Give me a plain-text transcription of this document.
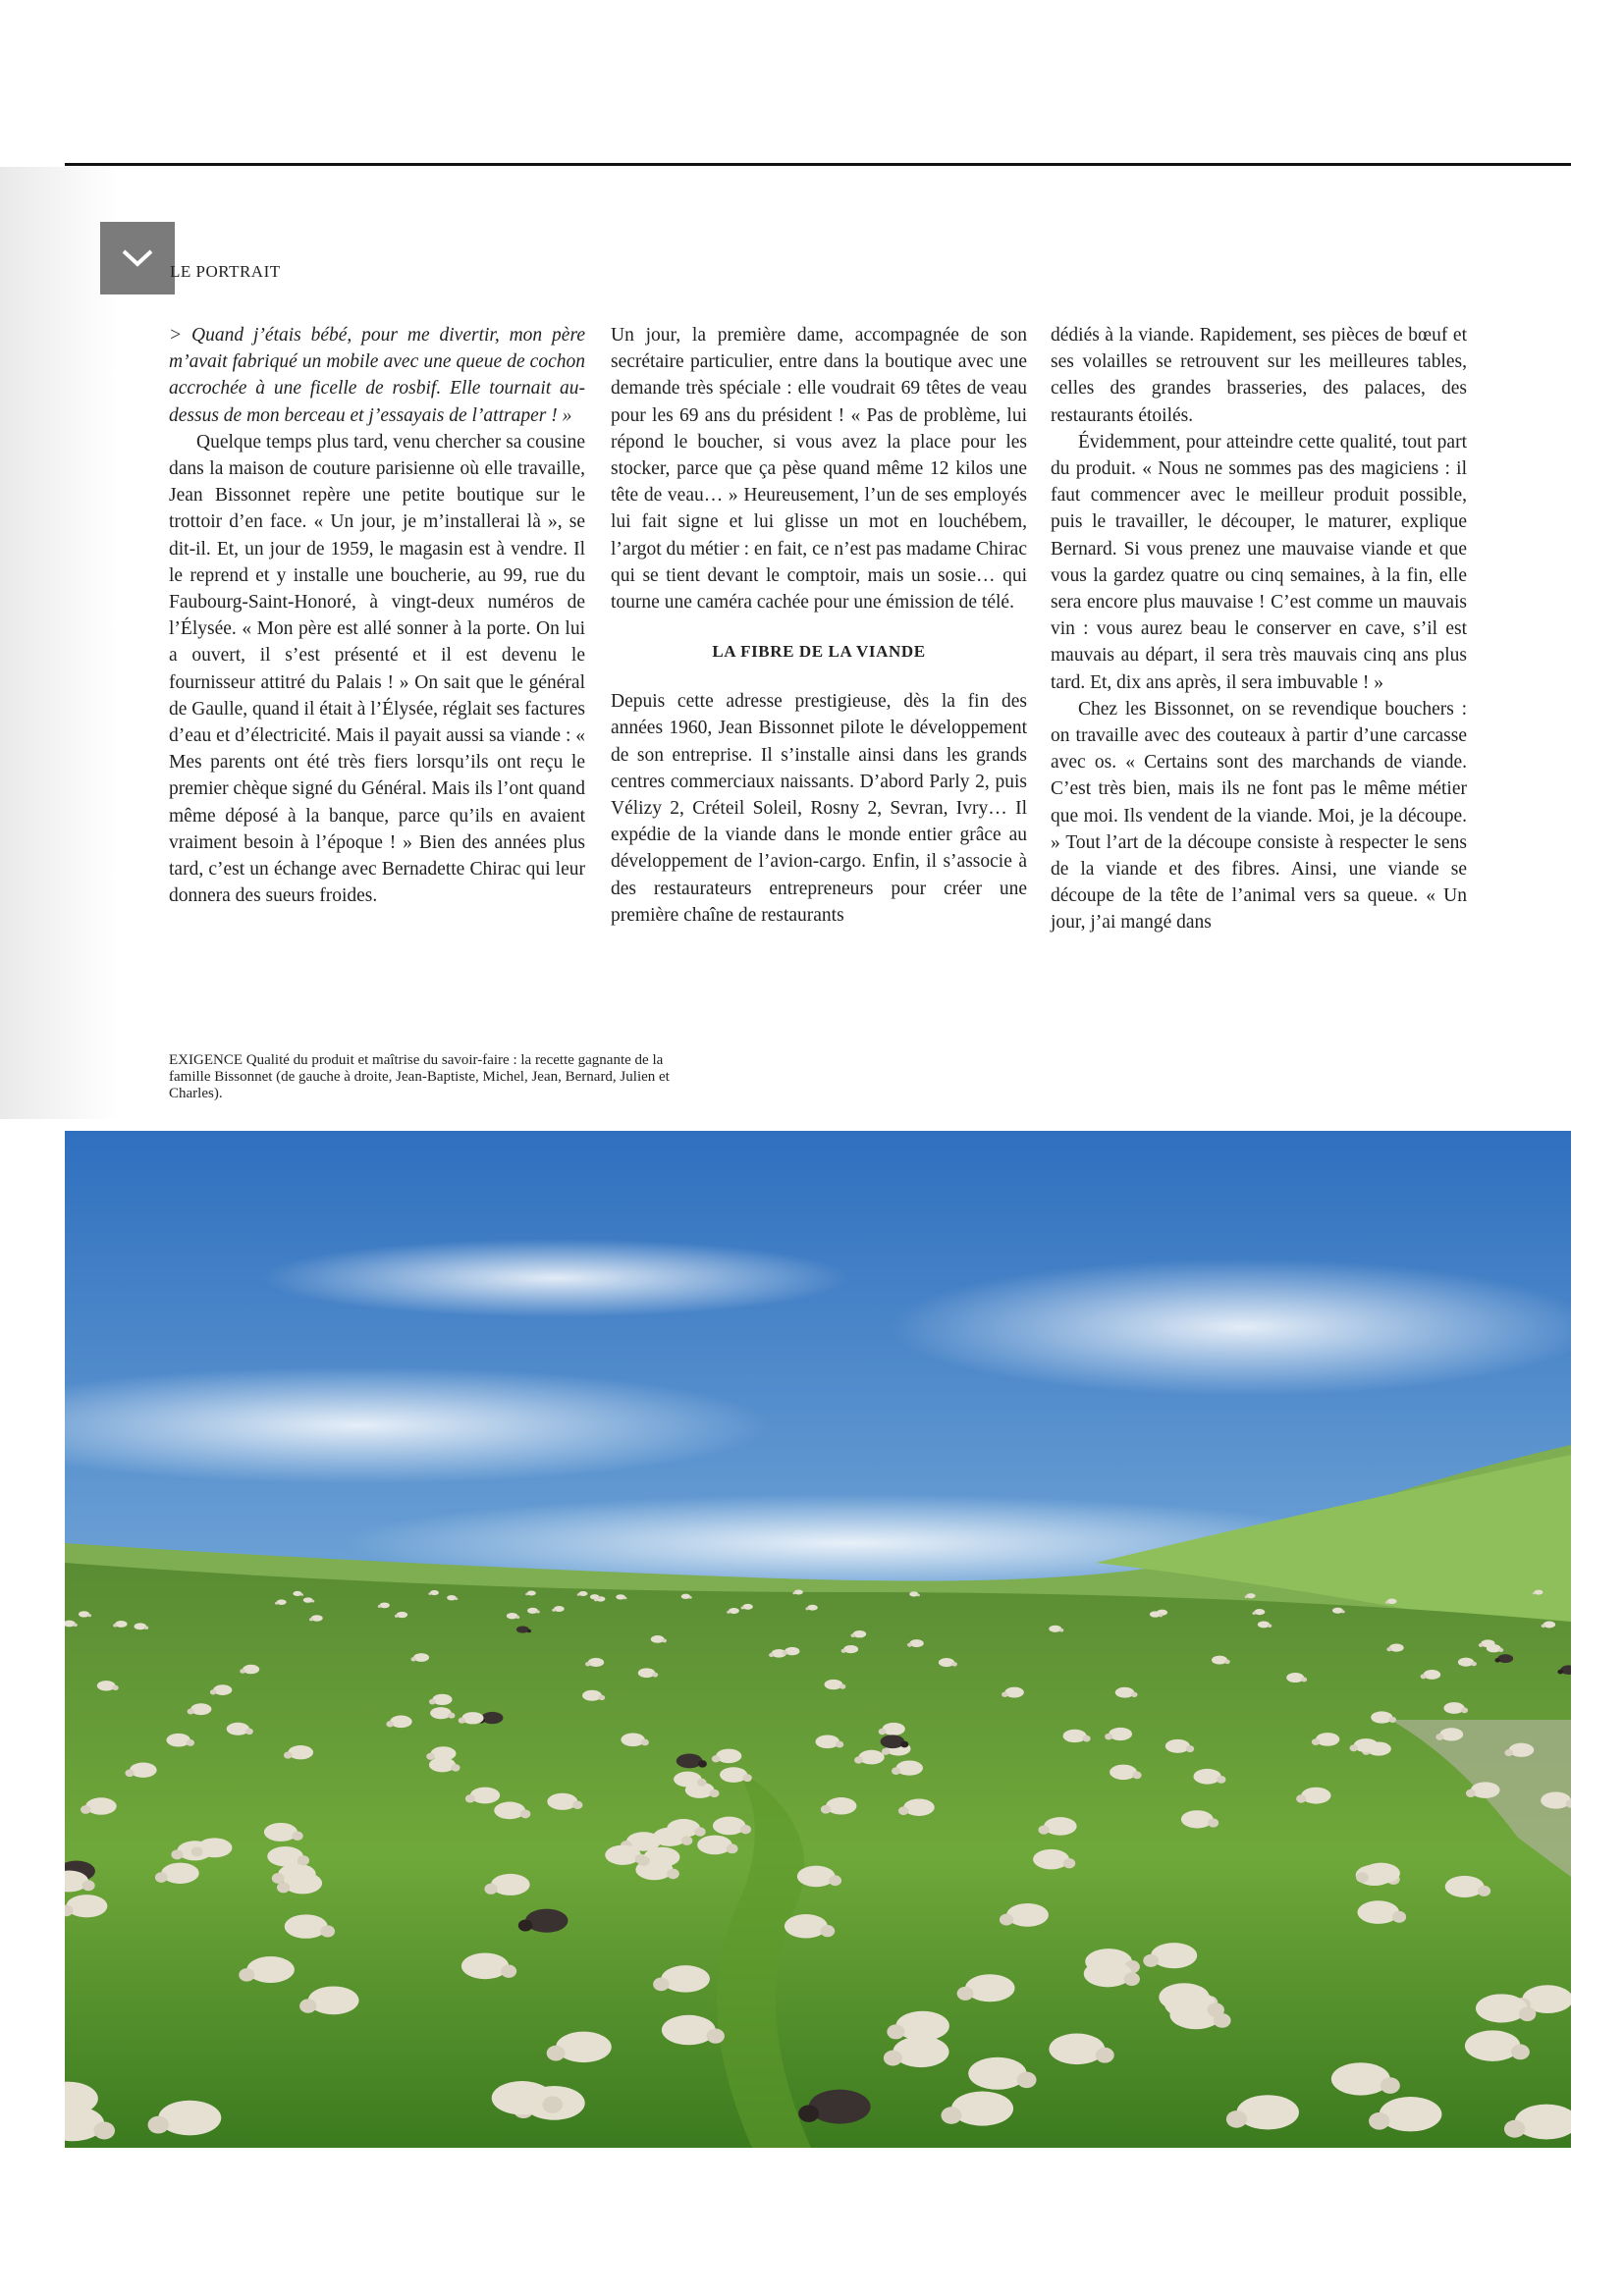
LE PORTRAIT

> Quand j’étais bébé, pour me divertir, mon père m’avait fabriqué un mobile avec une queue de cochon accrochée à une ficelle de rosbif. Elle tournait au-dessus de mon berceau et j’essayais de l’attraper ! »

Quelque temps plus tard, venu chercher sa cousine dans la maison de couture parisienne où elle travaille, Jean Bissonnet repère une petite boutique sur le trottoir d’en face. « Un jour, je m’installerai là », se dit-il. Et, un jour de 1959, le magasin est à vendre. Il le reprend et y installe une boucherie, au 99, rue du Faubourg-Saint-Honoré, à vingt-deux numéros de l’Élysée. « Mon père est allé sonner à la porte. On lui a ouvert, il s’est présenté et il est devenu le fournisseur attitré du Palais ! » On sait que le général de Gaulle, quand il était à l’Élysée, réglait ses factures d’eau et d’électricité. Mais il payait aussi sa viande : « Mes parents ont été très fiers lorsqu’ils ont reçu le premier chèque signé du Général. Mais ils l’ont quand même déposé à la banque, parce qu’ils en avaient vraiment besoin à l’époque ! » Bien des années plus tard, c’est un échange avec Bernadette Chirac qui leur donnera des sueurs froides.

Un jour, la première dame, accompagnée de son secrétaire particulier, entre dans la boutique avec une demande très spéciale : elle voudrait 69 têtes de veau pour les 69 ans du président ! « Pas de problème, lui répond le boucher, si vous avez la place pour les stocker, parce que ça pèse quand même 12 kilos une tête de veau… » Heureusement, l’un de ses employés lui fait signe et lui glisse un mot en louchébem, l’argot du métier : en fait, ce n’est pas madame Chirac qui se tient devant le comptoir, mais un sosie… qui tourne une caméra cachée pour une émission de télé.

LA FIBRE DE LA VIANDE

Depuis cette adresse prestigieuse, dès la fin des années 1960, Jean Bissonnet pilote le développement de son entreprise. Il s’installe ainsi dans les grands centres commerciaux naissants. D’abord Parly 2, puis Vélizy 2, Créteil Soleil, Rosny 2, Sevran, Ivry… Il expédie de la viande dans le monde entier grâce au développement de l’avion-cargo. Enfin, il s’associe à des restaurateurs entrepreneurs pour créer une première chaîne de restaurants

dédiés à la viande. Rapidement, ses pièces de bœuf et ses volailles se retrouvent sur les meilleures tables, celles des grandes brasseries, des palaces, des restaurants étoilés.

Évidemment, pour atteindre cette qualité, tout part du produit. « Nous ne sommes pas des magiciens : il faut commencer avec le meilleur produit possible, puis le travailler, le découper, le maturer, explique Bernard. Si vous prenez une mauvaise viande et que vous la gardez quatre ou cinq semaines, à la fin, elle sera encore plus mauvaise ! C’est comme un mauvais vin : vous aurez beau le conserver en cave, s’il est mauvais au départ, il sera très mauvais cinq ans plus tard. Et, dix ans après, il sera imbuvable ! »

Chez les Bissonnet, on se revendique bouchers : on travaille avec des couteaux à partir d’une carcasse avec os. « Certains sont des marchands de viande. C’est très bien, mais ils ne font pas le même métier que moi. Ils vendent de la viande. Moi, je la découpe. » Tout l’art de la découpe consiste à respecter le sens de la viande et des fibres. Ainsi, une viande se découpe de la tête de l’animal vers sa queue. « Un jour, j’ai mangé dans

EXIGENCE Qualité du produit et maîtrise du savoir-faire : la recette gagnante de la famille Bissonnet (de gauche à droite, Jean-Baptiste, Michel, Jean, Bernard, Julien et Charles).
